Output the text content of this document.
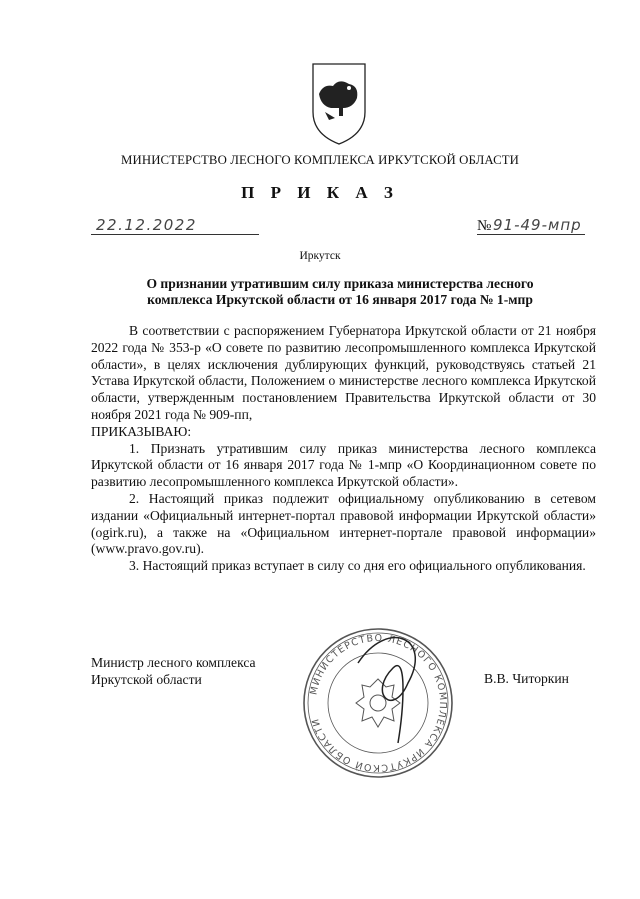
МИНИСТЕРСТВО ЛЕСНОГО КОМПЛЕКСА ИРКУТСКОЙ ОБЛАСТИ
П Р И К А З
22.12.2022	№ 91-49-мпр
Иркутск
О признании утратившим силу приказа министерства лесного комплекса Иркутской области от 16 января 2017 года № 1-мпр

В соответствии с распоряжением Губернатора Иркутской области от 21 ноября 2022 года № 353-р «О совете по развитию лесопромышленного комплекса Иркутской области», в целях исключения дублирующих функций, руководствуясь статьей 21 Устава Иркутской области, Положением о министерстве лесного комплекса Иркутской области, утвержденным постановлением Правительства Иркутской области от 30 ноября 2021 года № 909-пп,

ПРИКАЗЫВАЮ:

1. Признать утратившим силу приказ министерства лесного комплекса Иркутской области от 16 января 2017 года № 1-мпр «О Координационном совете по развитию лесопромышленного комплекса Иркутской области».

2. Настоящий приказ подлежит официальному опубликованию в сетевом издании «Официальный интернет-портал правовой информации Иркутской области» (ogirk.ru), а также на «Официальном интернет-портале правовой информации» (www.pravo.gov.ru).

3. Настоящий приказ вступает в силу со дня его официального опубликования.

Министр лесного комплекса
Иркутской области
МИНИСТЕРСТВО ЛЕСНОГО КОМПЛЕКСА ИРКУТСКОЙ ОБЛАСТИ
В.В. Читоркин
